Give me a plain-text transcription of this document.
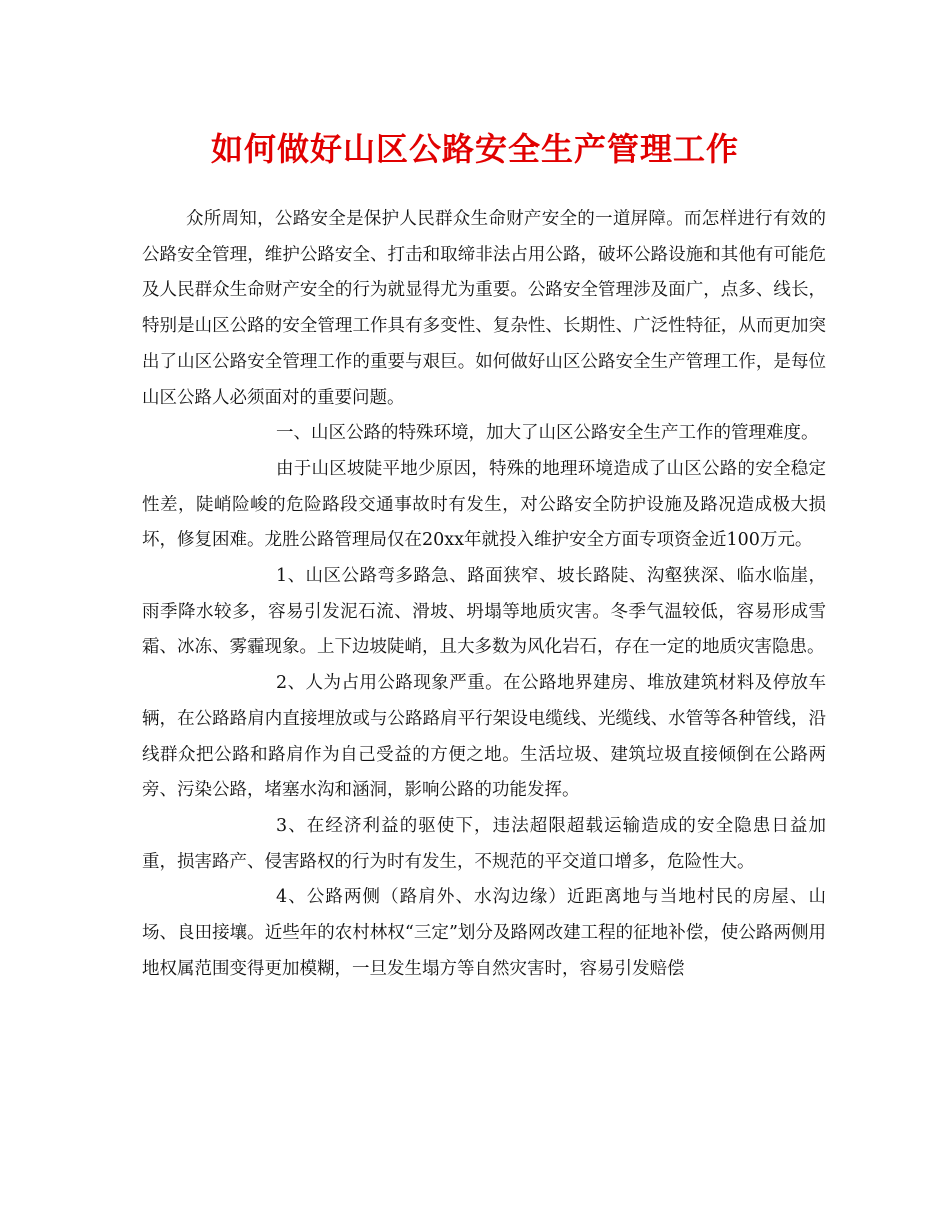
如何做好山区公路安全生产管理工作

众所周知，公路安全是保护人民群众生命财产安全的一道屏障。而怎样进行有效的公路安全管理，维护公路安全、打击和取缔非法占用公路，破坏公路设施和其他有可能危及人民群众生命财产安全的行为就显得尤为重要。公路安全管理涉及面广，点多、线长，特别是山区公路的安全管理工作具有多变性、复杂性、长期性、广泛性特征，从而更加突出了山区公路安全管理工作的重要与艰巨。如何做好山区公路安全生产管理工作，是每位山区公路人必须面对的重要问题。

一、山区公路的特殊环境，加大了山区公路安全生产工作的管理难度。

由于山区坡陡平地少原因，特殊的地理环境造成了山区公路的安全稳定性差，陡峭险峻的危险路段交通事故时有发生，对公路安全防护设施及路况造成极大损坏，修复困难。龙胜公路管理局仅在20xx年就投入维护安全方面专项资金近100万元。

1、山区公路弯多路急、路面狭窄、坡长路陡、沟壑狭深、临水临崖，雨季降水较多，容易引发泥石流、滑坡、坍塌等地质灾害。冬季气温较低，容易形成雪霜、冰冻、雾霾现象。上下边坡陡峭，且大多数为风化岩石，存在一定的地质灾害隐患。

2、人为占用公路现象严重。在公路地界建房、堆放建筑材料及停放车辆，在公路路肩内直接埋放或与公路路肩平行架设电缆线、光缆线、水管等各种管线，沿线群众把公路和路肩作为自己受益的方便之地。生活垃圾、建筑垃圾直接倾倒在公路两旁、污染公路，堵塞水沟和涵洞，影响公路的功能发挥。

3、在经济利益的驱使下，违法超限超载运输造成的安全隐患日益加重，损害路产、侵害路权的行为时有发生，不规范的平交道口增多，危险性大。

4、公路两侧（路肩外、水沟边缘）近距离地与当地村民的房屋、山场、良田接壤。近些年的农村林权“三定”划分及路网改建工程的征地补偿，使公路两侧用地权属范围变得更加模糊，一旦发生塌方等自然灾害时，容易引发赔偿
